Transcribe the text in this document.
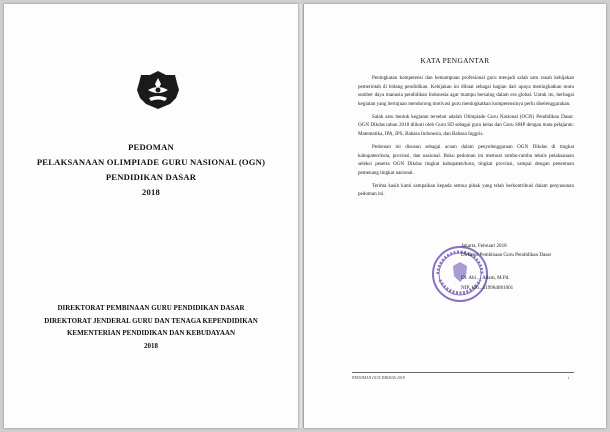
PEDOMAN
PELAKSANAAN OLIMPIADE GURU NASIONAL (OGN)
PENDIDIKAN DASAR
2018
DIREKTORAT PEMBINAAN GURU PENDIDIKAN DASAR
DIREKTORAT JENDERAL GURU DAN TENAGA KEPENDIDIKAN
KEMENTERIAN PENDIDIKAN DAN KEBUDAYAAN
2018
KATA PENGANTAR

Peningkatan kompetensi dan kemampuan profesional guru menjadi salah satu ranah kebijakan pemerintah di bidang pendidikan. Kebijakan ini dibuat sebagai bagian dari upaya meningkatkan mutu sumber daya manusia pendidikan Indonesia agar mampu bersaing dalam era global. Untuk itu, berbagai kegiatan yang bertujuan mendorong motivasi guru meningkatkan kompetensinya perlu diselenggarakan.

Salah satu bentuk kegiatan tersebut adalah Olimpiade Guru Nasional (OGN) Pendidikan Dasar. OGN Dikdas tahun 2018 diikuti oleh Guru SD sebagai guru kelas dan Guru SMP dengan mata pelajaran: Matematika, IPA, IPS, Bahasa Indonesia, dan Bahasa Inggris.

Pedoman ini disusun sebagai acuan dalam penyelenggaraan OGN Dikdas di tingkat kabupaten/kota, provinsi, dan nasional. Buku pedoman ini memuat rambu-rambu teknis pelaksanaan seleksi peserta OGN Dikdas tingkat kabupaten/kota, tingkat provinsi, sampai dengan penentuan pemenang tingkat nasional.

Terima kasih kami sampaikan kepada semua pihak yang telah berkontribusi dalam penyusunan pedoman ini.

Jakarta, Februari 2018
Direktur Pembinaan Guru Pendidikan Dasar
Dr. Abi ... Adam, M.Pd.
NIP. 196...519984081001
PEDOMAN OGN DIKDAS 2018	i
